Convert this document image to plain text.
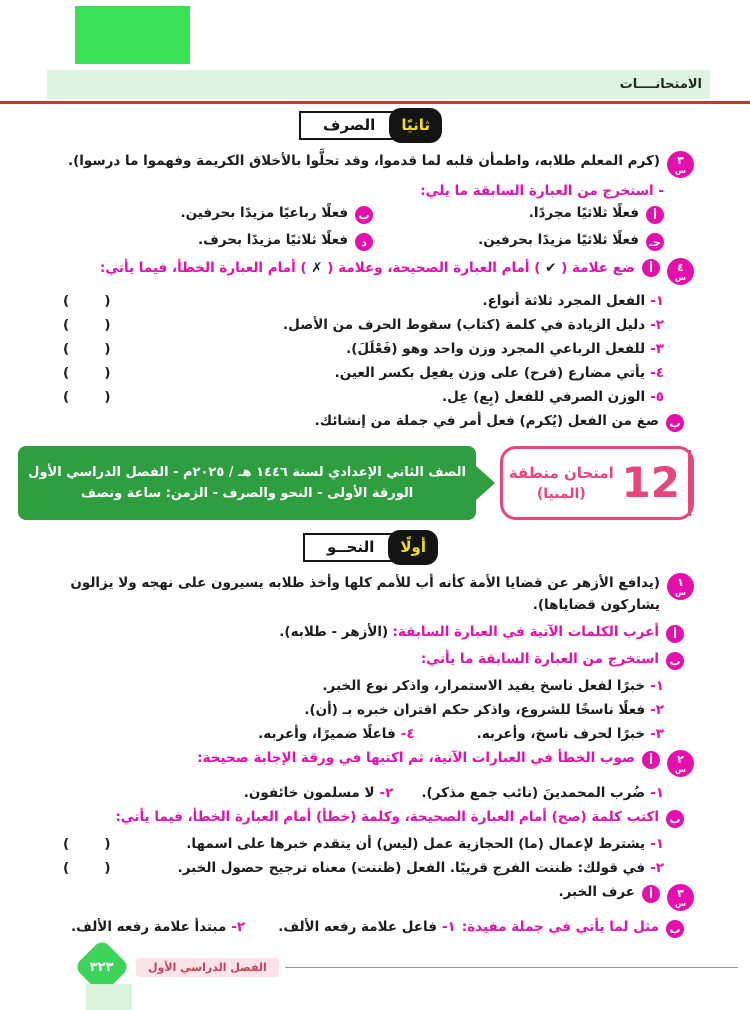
الامتحانــــات
ثانيًا
الصرف
٣
س
(كرم المعلم طلابه، واطمأن قلبه لما قدموا، وقد تحلَّوا بالأخلاق الكريمة وفهموا ما درسوا).
- استخرج من العبارة السابقة ما يلي:
أ
فعلًا ثلاثيًا مجردًا.
ب
فعلًا رباعيًا مزيدًا بحرفين.
جـ
فعلًا ثلاثيًا مزيدًا بحرفين.
د
فعلًا ثلاثيًا مزيدًا بحرف.
٤
س
أ
ضع علامة ( ✔ ) أمام العبارة الصحيحة، وعلامة ( ✗ ) أمام العبارة الخطأ، فيما يأتي:
١-الفعل المجرد ثلاثة أنواع.
(      )
٢-دليل الزيادة في كلمة (كتاب) سقوط الحرف من الأصل.
(      )
٣-للفعل الرباعي المجرد وزن واحد وهو (فَعْلَلَ).
(      )
٤-يأتي مضارع (فرح) على وزن يفعِل بكسر العين.
(      )
٥-الوزن الصرفي للفعل (بِع) عِل.
(      )
ب
صغ من الفعل (يُكرم) فعل أمر في جملة من إنشائك.
12
امتحان منطقة
(المنيا)
الصف الثاني الإعدادي لسنة ١٤٤٦ هـ / ٢٠٢٥م - الفصل الدراسي الأول
الورقة الأولى - النحو والصرف - الزمن: ساعة ونصف
أولًا
النحــو
١
س
(يدافع الأزهر عن قضايا الأمة كأنه أب للأمم كلها وأخذ طلابه يسيرون على نهجه ولا يزالون يشاركون قضاياها).
أ
أعرب الكلمات الآتية في العبارة السابقة: (الأزهر - طلابه).
ب
استخرج من العبارة السابقة ما يأتي:
١-خبرًا لفعل ناسخ يفيد الاستمرار، واذكر نوع الخبر.
٢-فعلًا ناسخًا للشروع، واذكر حكم اقتران خبره بـ (أن).
٣-خبرًا لحرف ناسخ، وأعربه.
٤-فاعلًا ضميرًا، وأعربه.
٢
س
أ
صوب الخطأ في العبارات الآتية، ثم اكتبها في ورقة الإجابة صحيحة:
١-ضُرب المحمدينَ (نائب جمع مذكر).
٢-لا مسلمون خائفون.
ب
اكتب كلمة (صح) أمام العبارة الصحيحة، وكلمة (خطأ) أمام العبارة الخطأ، فيما يأتي:
١-يشترط لإعمال (ما) الحجازية عمل (ليس) أن يتقدم خبرها على اسمها.
(      )
٢-في قولك: ظننت الفرج قريبًا. الفعل (ظننت) معناه ترجيح حصول الخبر.
(      )
٣
س
أ
عرف الخبر.
ب
مثل لما يأتي في جملة مفيدة:
١-فاعل علامة رفعه الألف.
٢-مبتدأ علامة رفعه الألف.
٣٢٣	الفصل الدراسي الأول
